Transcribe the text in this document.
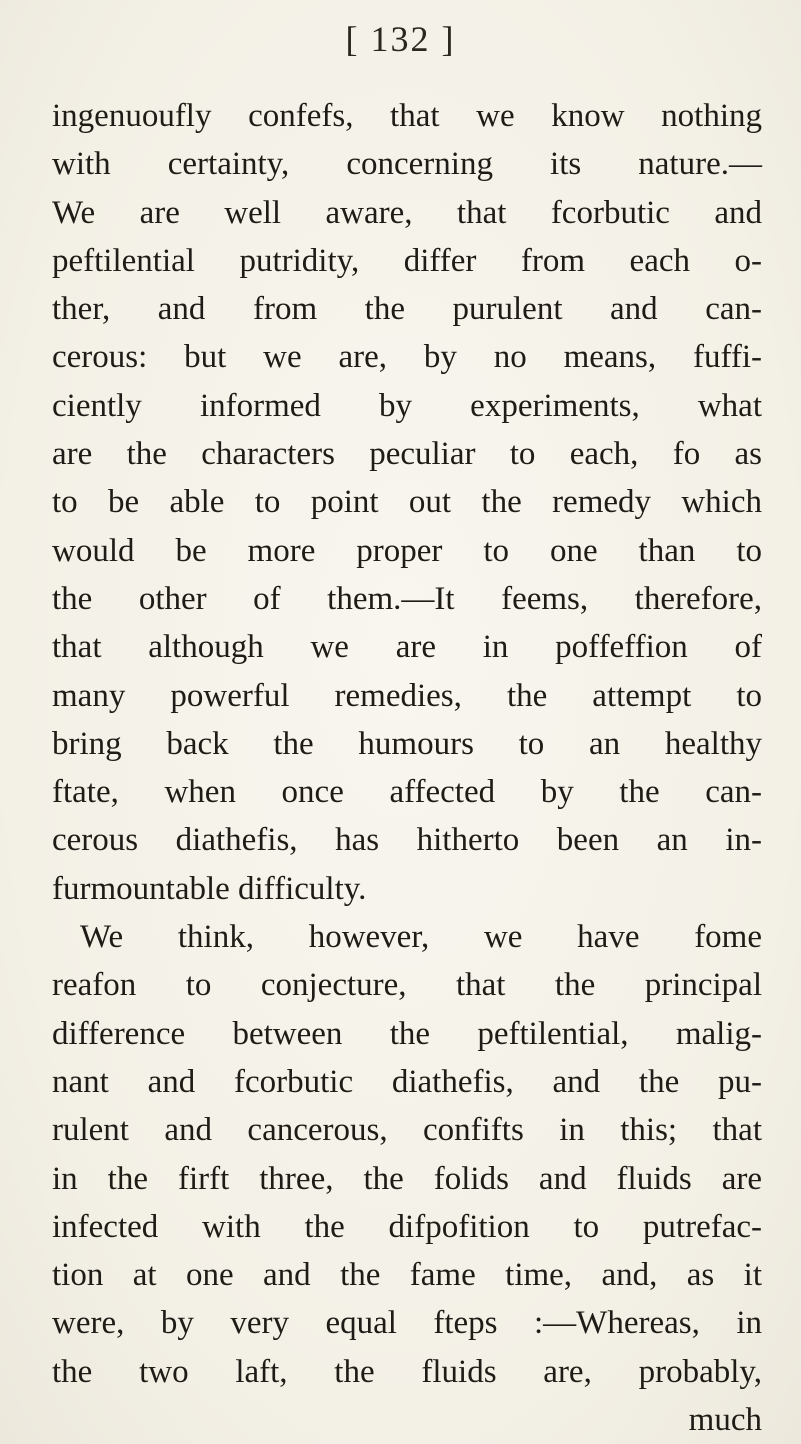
[ 132 ]
ingenuoufly confefs, that we know nothing
with certainty, concerning its nature.—
We are well aware, that fcorbutic and
peftilential putridity, differ from each o-
ther, and from the purulent and can-
cerous: but we are, by no means, fuffi-
ciently informed by experiments, what
are the characters peculiar to each, fo as
to be able to point out the remedy which
would be more proper to one than to
the other of them.—It feems, therefore,
that although we are in poffeffion of
many powerful remedies, the attempt to
bring back the humours to an healthy
ftate, when once affected by the can-
cerous diathefis, has hitherto been an in-
furmountable difficulty.
We think, however, we have fome
reafon to conjecture, that the principal
difference between the peftilential, malig-
nant and fcorbutic diathefis, and the pu-
rulent and cancerous, confifts in this; that
in the firft three, the folids and fluids are
infected with the difpofition to putrefac-
tion at one and the fame time, and, as it
were, by very equal fteps :—Whereas, in
the two laft, the fluids are, probably,
much
